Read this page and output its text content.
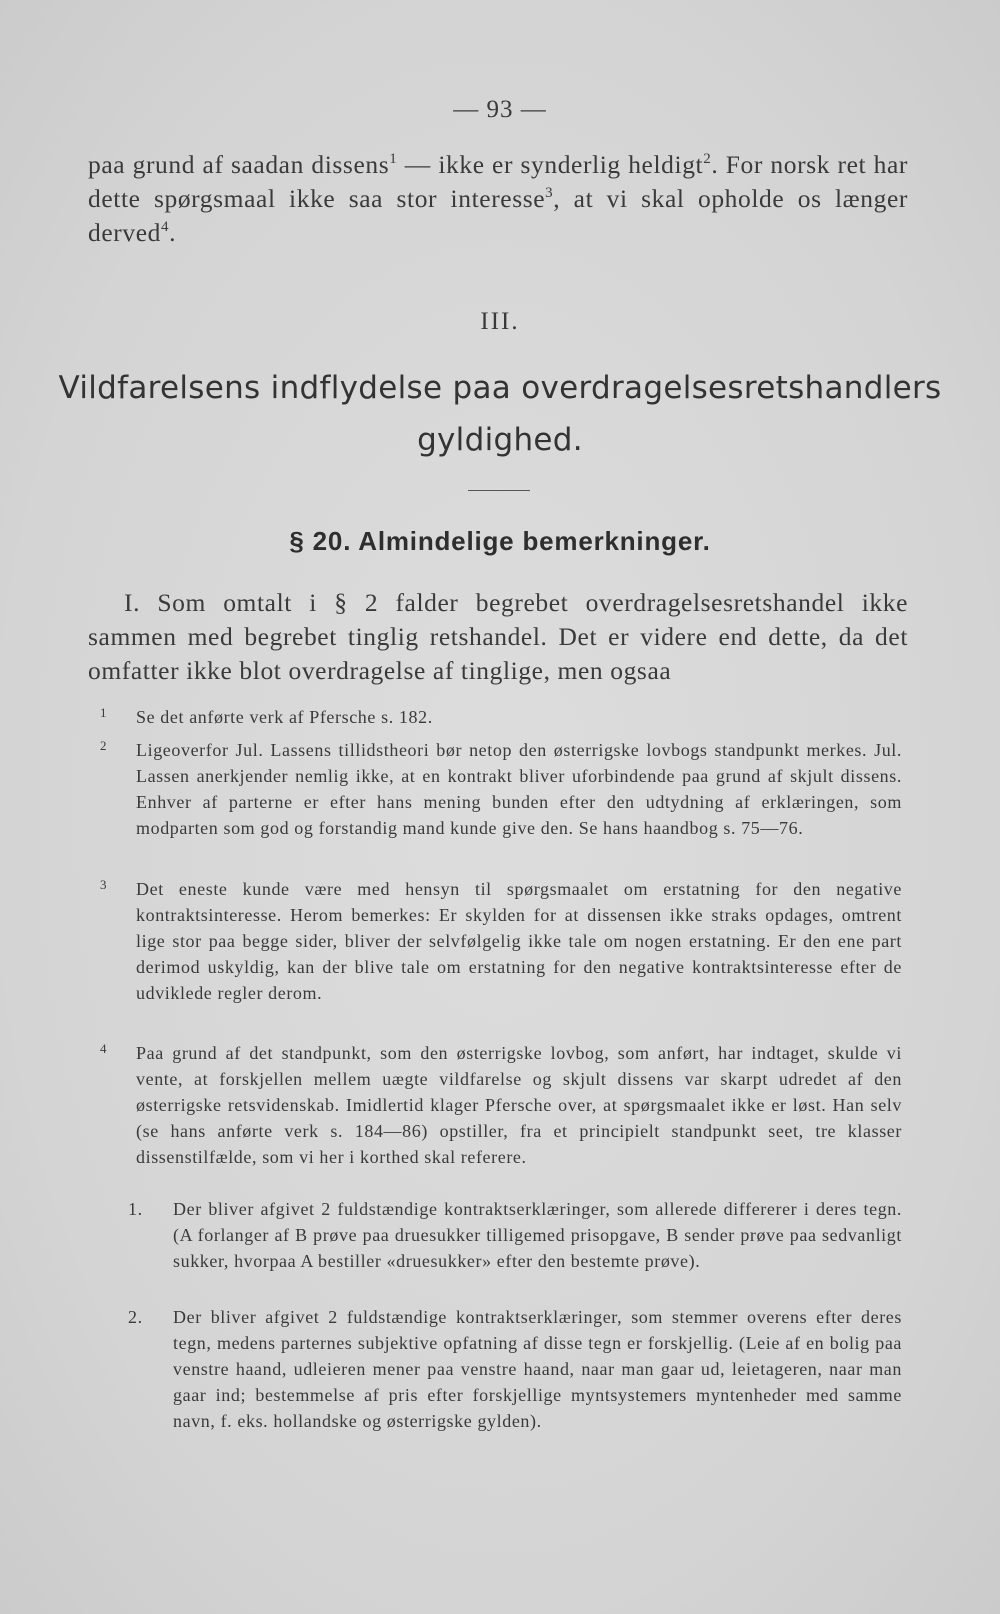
— 93 —

paa grund af saadan dissens$^1$ — ikke er synderlig heldigt$^2$. For norsk ret har dette spørgsmaal ikke saa stor interesse$^3$, at vi skal opholde os længer derved$^4$.

III.
Vildfarelsens indflydelse paa overdragelsesretshandlers
gyldighed.
§ 20. Almindelige bemerkninger.

I. Som omtalt i § 2 falder begrebet overdragelsesretshandel ikke sammen med begrebet tinglig retshandel. Det er videre end dette, da det omfatter ikke blot overdragelse af tinglige, men ogsaa

1 Se det anførte verk af Pfersche s. 182.

2 Ligeoverfor Jul. Lassens tillidstheori bør netop den østerrigske lovbogs standpunkt merkes. Jul. Lassen anerkjender nemlig ikke, at en kontrakt bliver uforbindende paa grund af skjult dissens. Enhver af parterne er efter hans mening bunden efter den udtydning af erklæringen, som modparten som god og forstandig mand kunde give den. Se hans haandbog s. 75—76.

3 Det eneste kunde være med hensyn til spørgsmaalet om erstatning for den negative kontraktsinteresse. Herom bemerkes: Er skylden for at dissensen ikke straks opdages, omtrent lige stor paa begge sider, bliver der selvfølgelig ikke tale om nogen erstatning. Er den ene part derimod uskyldig, kan der blive tale om erstatning for den negative kontraktsinteresse efter de udviklede regler derom.

4 Paa grund af det standpunkt, som den østerrigske lovbog, som anført, har indtaget, skulde vi vente, at forskjellen mellem uægte vildfarelse og skjult dissens var skarpt udredet af den østerrigske retsvidenskab. Imidlertid klager Pfersche over, at spørgsmaalet ikke er løst. Han selv (se hans anførte verk s. 184—86) opstiller, fra et principielt standpunkt seet, tre klasser dissenstilfælde, som vi her i korthed skal referere.

1. Der bliver afgivet 2 fuldstændige kontraktserklæringer, som allerede differerer i deres tegn. (A forlanger af B prøve paa druesukker tilligemed prisopgave, B sender prøve paa sedvanligt sukker, hvorpaa A bestiller «druesukker» efter den bestemte prøve).

2. Der bliver afgivet 2 fuldstændige kontraktserklæringer, som stemmer overens efter deres tegn, medens parternes subjektive opfatning af disse tegn er forskjellig. (Leie af en bolig paa venstre haand, udleieren mener paa venstre haand, naar man gaar ud, leietageren, naar man gaar ind; bestemmelse af pris efter forskjellige myntsystemers myntenheder med samme navn, f. eks. hollandske og østerrigske gylden).
